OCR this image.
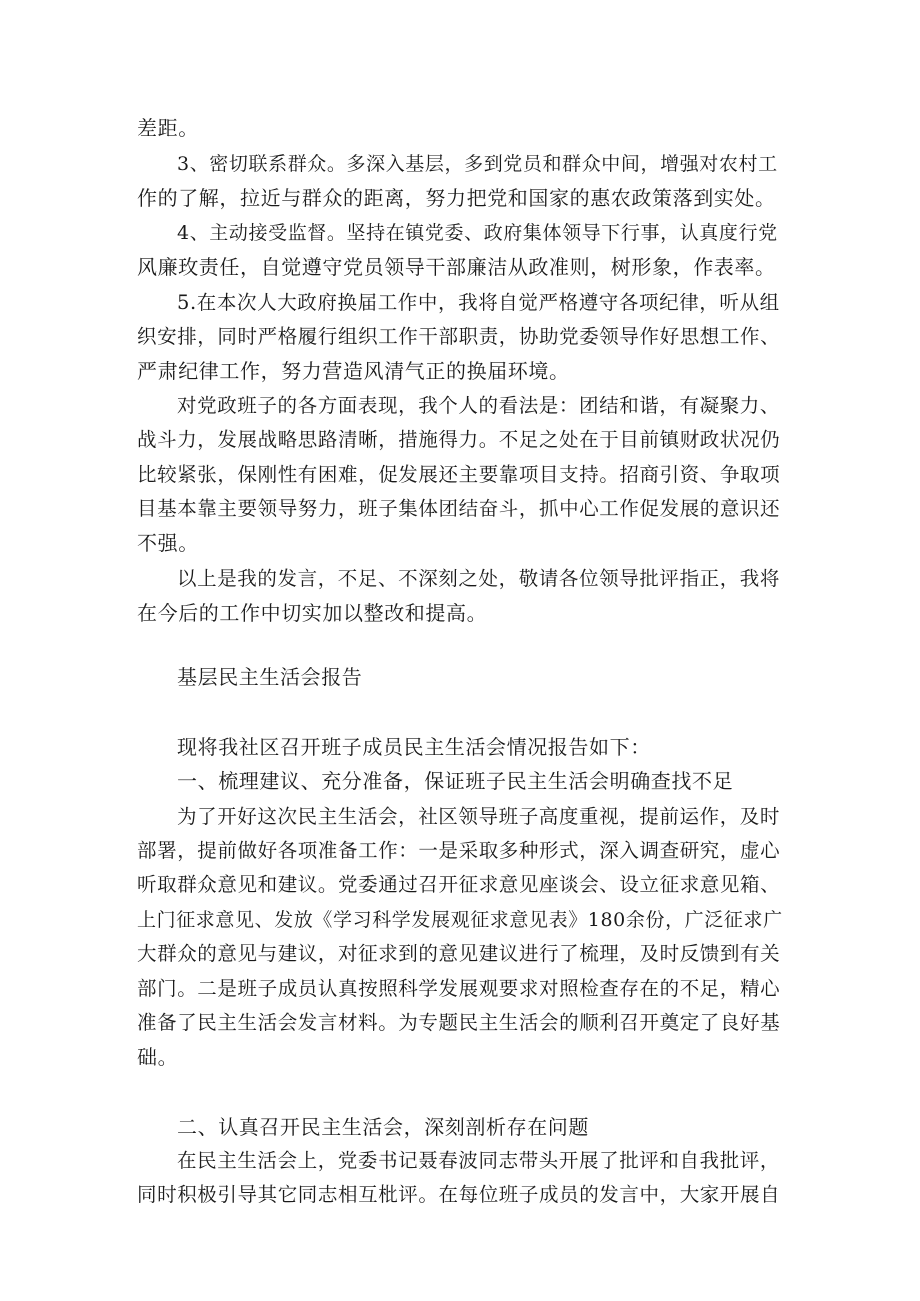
差距。

3、密切联系群众。多深入基层，多到党员和群众中间，增强对农村工

作的了解，拉近与群众的距离，努力把党和国家的惠农政策落到实处。

4、主动接受监督。坚持在镇党委、政府集体领导下行事，认真度行党

风廉玫责任，自觉遵守党员领导干部廉洁从政准则，树形象，作表率。

5.在本次人大政府换届工作中，我将自觉严格遵守各项纪律，听从组

织安排，同时严格履行组织工作干部职责，协助党委领导作好思想工作、

严肃纪律工作，努力营造风清气正的换届环境。

对党政班子的各方面表现，我个人的看法是：团结和谐，有凝聚力、

战斗力，发展战略思路清晰，措施得力。不足之处在于目前镇财政状况仍

比较紧张，保刚性有困难，促发展还主要靠项目支持。招商引资、争取项

目基本靠主要领导努力，班子集体团结奋斗，抓中心工作促发展的意识还

不强。

以上是我的发言，不足、不深刻之处，敬请各位领导批评指正，我将

在今后的工作中切实加以整改和提高。

基层民主生活会报告

现将我社区召开班子成员民主生活会情况报告如下：

一、梳理建议、充分准备，保证班子民主生活会明确查找不足

为了开好这次民主生活会，社区领导班子高度重视，提前运作，及时

部署，提前做好各项准备工作：一是采取多种形式，深入调查研究，虚心

听取群众意见和建议。党委通过召开征求意见座谈会、设立征求意见箱、

上门征求意见、发放《学习科学发展观征求意见表》180余份，广泛征求广

大群众的意见与建议，对征求到的意见建议进行了梳理，及时反馈到有关

部门。二是班子成员认真按照科学发展观要求对照检查存在的不足，精心

准备了民主生活会发言材料。为专题民主生活会的顺利召开奠定了良好基

础。

二、认真召开民主生活会，深刻剖析存在问题

在民主生活会上，党委书记聂春波同志带头开展了批评和自我批评，

同时积极引导其它同志相互枇评。在每位班子成员的发言中，大家开展自
